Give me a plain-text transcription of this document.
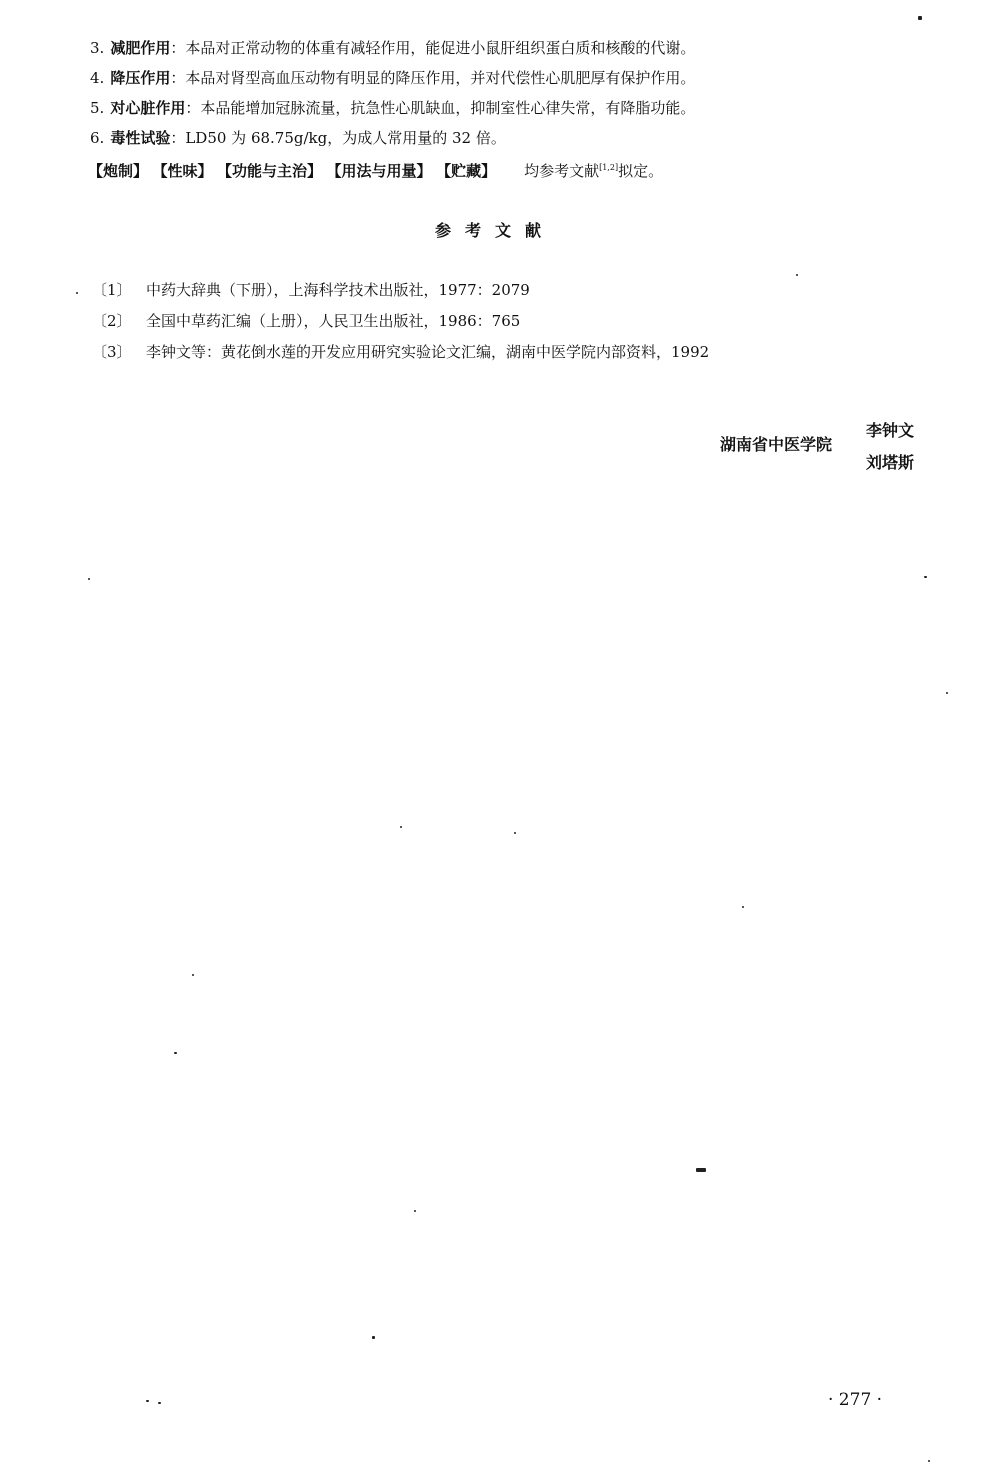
3. 减肥作用：本品对正常动物的体重有减轻作用，能促进小鼠肝组织蛋白质和核酸的代谢。
4. 降压作用：本品对肾型高血压动物有明显的降压作用，并对代偿性心肌肥厚有保护作用。
5. 对心脏作用：本品能增加冠脉流量，抗急性心肌缺血，抑制室性心律失常，有降脂功能。
6. 毒性试验：LD50 为 68.75g/kg，为成人常用量的 32 倍。
【炮制】 【性味】 【功能与主治】 【用法与用量】 【贮藏】 均参考文献[1,2]拟定。
参考文献
〔1〕 中药大辞典（下册），上海科学技术出版社，1977：2079
〔2〕 全国中草药汇编（上册），人民卫生出版社，1986：765
〔3〕 李钟文等：黄花倒水莲的开发应用研究实验论文汇编，湖南中医学院内部资料，1992
湖南省中医学院
李钟文
刘塔斯
· 277 ·
